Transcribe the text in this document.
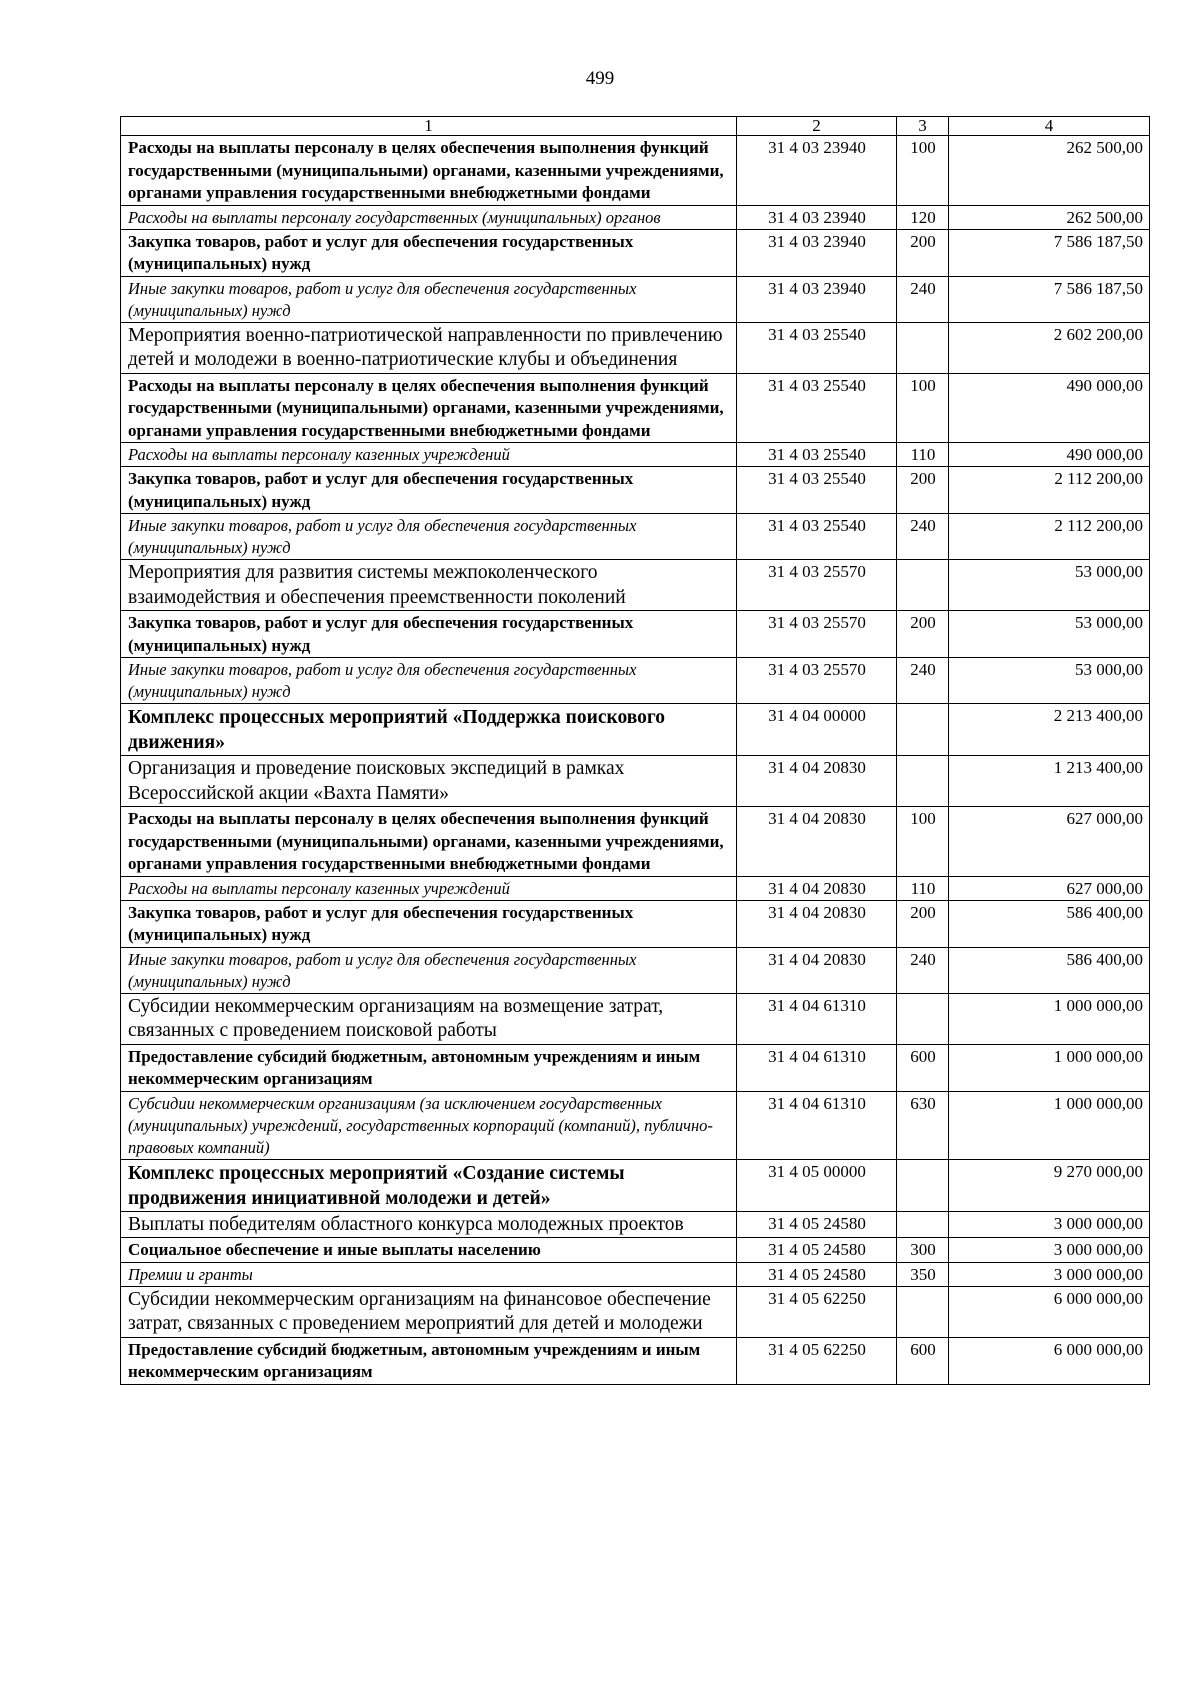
499
1	2	3	4
Расходы на выплаты персоналу в целях обеспечения выполнения функций государственными (муниципальными) органами, казенными учреждениями, органами управления государственными внебюджетными фондами	31 4 03 23940	100	262 500,00
Расходы на выплаты персоналу государственных (муниципальных) органов	31 4 03 23940	120	262 500,00
Закупка товаров, работ и услуг для обеспечения государственных (муниципальных) нужд	31 4 03 23940	200	7 586 187,50
Иные закупки товаров, работ и услуг для обеспечения государственных (муниципальных) нужд	31 4 03 23940	240	7 586 187,50
Мероприятия военно-патриотической направленности по привлечению детей и молодежи в военно-патриотические клубы и объединения	31 4 03 25540		2 602 200,00
Расходы на выплаты персоналу в целях обеспечения выполнения функций государственными (муниципальными) органами, казенными учреждениями, органами управления государственными внебюджетными фондами	31 4 03 25540	100	490 000,00
Расходы на выплаты персоналу казенных учреждений	31 4 03 25540	110	490 000,00
Закупка товаров, работ и услуг для обеспечения государственных (муниципальных) нужд	31 4 03 25540	200	2 112 200,00
Иные закупки товаров, работ и услуг для обеспечения государственных (муниципальных) нужд	31 4 03 25540	240	2 112 200,00
Мероприятия для развития системы межпоколенческого взаимодействия и обеспечения преемственности поколений	31 4 03 25570		53 000,00
Закупка товаров, работ и услуг для обеспечения государственных (муниципальных) нужд	31 4 03 25570	200	53 000,00
Иные закупки товаров, работ и услуг для обеспечения государственных (муниципальных) нужд	31 4 03 25570	240	53 000,00
Комплекс процессных мероприятий «Поддержка поискового движения»	31 4 04 00000		2 213 400,00
Организация и проведение поисковых экспедиций в рамках Всероссийской акции «Вахта Памяти»	31 4 04 20830		1 213 400,00
Расходы на выплаты персоналу в целях обеспечения выполнения функций государственными (муниципальными) органами, казенными учреждениями, органами управления государственными внебюджетными фондами	31 4 04 20830	100	627 000,00
Расходы на выплаты персоналу казенных учреждений	31 4 04 20830	110	627 000,00
Закупка товаров, работ и услуг для обеспечения государственных (муниципальных) нужд	31 4 04 20830	200	586 400,00
Иные закупки товаров, работ и услуг для обеспечения государственных (муниципальных) нужд	31 4 04 20830	240	586 400,00
Субсидии некоммерческим организациям на возмещение затрат, связанных с проведением поисковой работы	31 4 04 61310		1 000 000,00
Предоставление субсидий бюджетным, автономным учреждениям и иным некоммерческим организациям	31 4 04 61310	600	1 000 000,00
Субсидии некоммерческим организациям (за исключением государственных (муниципальных) учреждений, государственных корпораций (компаний), публично-правовых компаний)	31 4 04 61310	630	1 000 000,00
Комплекс процессных мероприятий «Создание системы продвижения инициативной молодежи и детей»	31 4 05 00000		9 270 000,00
Выплаты победителям областного конкурса молодежных проектов	31 4 05 24580		3 000 000,00
Социальное обеспечение и иные выплаты населению	31 4 05 24580	300	3 000 000,00
Премии и гранты	31 4 05 24580	350	3 000 000,00
Субсидии некоммерческим организациям на финансовое обеспечение затрат, связанных с проведением мероприятий для детей и молодежи	31 4 05 62250		6 000 000,00
Предоставление субсидий бюджетным, автономным учреждениям и иным некоммерческим организациям	31 4 05 62250	600	6 000 000,00
